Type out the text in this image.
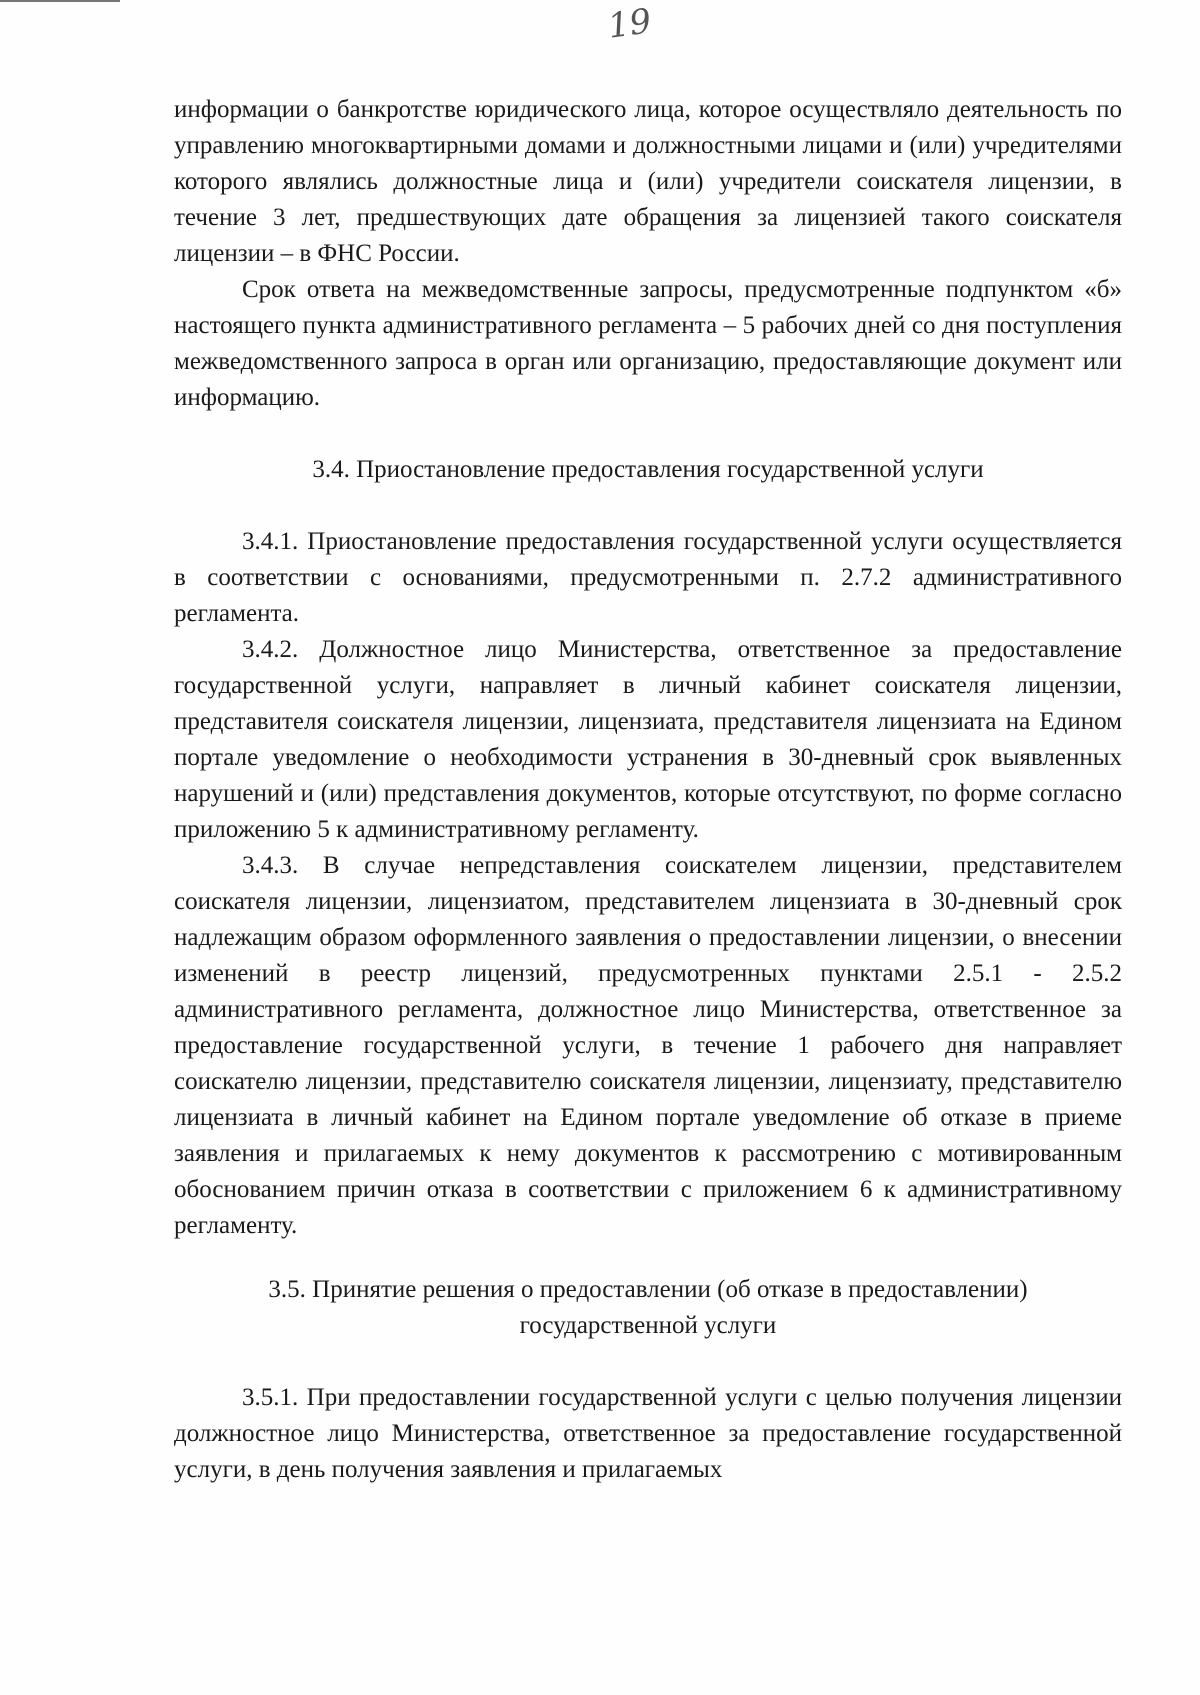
19

информации о банкротстве юридического лица, которое осуществляло деятельность по управлению многоквартирными домами и должностными лицами и (или) учредителями которого являлись должностные лица и (или) учредители соискателя лицензии, в течение 3 лет, предшествующих дате обращения за лицензией такого соискателя лицензии – в ФНС России.

Срок ответа на межведомственные запросы, предусмотренные подпунктом «б» настоящего пункта административного регламента – 5 рабочих дней со дня поступления межведомственного запроса в орган или организацию, предоставляющие документ или информацию.

3.4. Приостановление предоставления государственной услуги

3.4.1. Приостановление предоставления государственной услуги осуществляется в соответствии с основаниями, предусмотренными п. 2.7.2 административного регламента.

3.4.2. Должностное лицо Министерства, ответственное за предоставление государственной услуги, направляет в личный кабинет соискателя лицензии, представителя соискателя лицензии, лицензиата, представителя лицензиата на Едином портале уведомление о необходимости устранения в 30-дневный срок выявленных нарушений и (или) представления документов, которые отсутствуют, по форме согласно приложению 5 к административному регламенту.

3.4.3. В случае непредставления соискателем лицензии, представителем соискателя лицензии, лицензиатом, представителем лицензиата в 30-дневный срок надлежащим образом оформленного заявления о предоставлении лицензии, о внесении изменений в реестр лицензий, предусмотренных пунктами 2.5.1 - 2.5.2 административного регламента, должностное лицо Министерства, ответственное за предоставление государственной услуги, в течение 1 рабочего дня направляет соискателю лицензии, представителю соискателя лицензии, лицензиату, представителю лицензиата в личный кабинет на Едином портале уведомление об отказе в приеме заявления и прилагаемых к нему документов к рассмотрению с мотивированным обоснованием причин отказа в соответствии с приложением 6 к административному регламенту.

3.5. Принятие решения о предоставлении (об отказе в предоставлении)

государственной услуги

3.5.1. При предоставлении государственной услуги с целью получения лицензии должностное лицо Министерства, ответственное за предоставление государственной услуги, в день получения заявления и прилагаемых
